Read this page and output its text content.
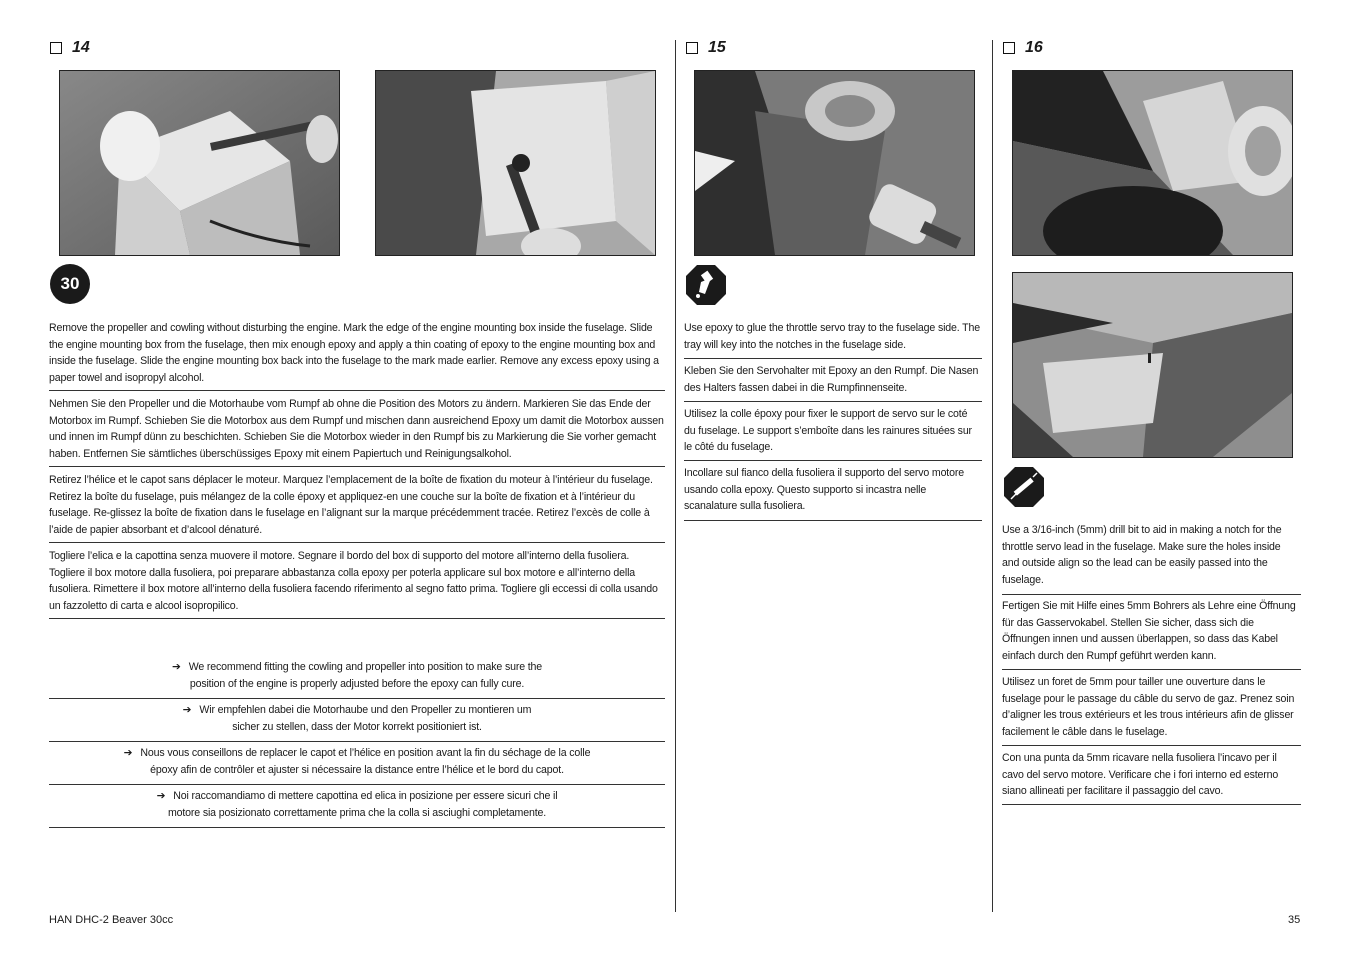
14	15	16
30
Remove the propeller and cowling without disturbing the engine. Mark the edge of the engine mounting box inside the fuselage. Slide the engine mounting box from the fuselage, then mix enough epoxy and apply a thin coating of epoxy to the engine mounting box and inside the fuselage. Slide the engine mounting box back into the fuselage to the mark made earlier. Remove any excess epoxy using a paper towel and isopropyl alcohol.
Nehmen Sie den Propeller und die Motorhaube vom Rumpf ab ohne die Position des Motors zu ändern. Markieren Sie das Ende der Motorbox im Rumpf. Schieben Sie die Motorbox aus dem Rumpf und mischen dann ausreichend Epoxy um damit die Motorbox aussen und innen im Rumpf dünn zu beschichten. Schieben Sie die Motorbox wieder in den Rumpf bis zu Markierung die Sie vorher gemacht haben. Entfernen Sie sämtliches überschüssiges Epoxy mit einem Papiertuch und Reinigungsalkohol.
Retirez l’hélice et le capot sans déplacer le moteur. Marquez l’emplacement de la boîte de fixation du moteur à l’intérieur du fuselage. Retirez la boîte du fuselage, puis mélangez de la colle époxy et appliquez-en une couche sur la boîte de fixation et à l’intérieur du fuselage. Re-glissez la boîte de fixation dans le fuselage en l’alignant sur la marque précédemment tracée. Retirez l’excès de colle à l’aide de papier absorbant et d’alcool dénaturé.
Togliere l’elica e la capottina senza muovere il motore. Segnare il bordo del box di supporto del motore all’interno della fusoliera. Togliere il box motore dalla fusoliera, poi preparare abbastanza colla epoxy per poterla applicare sul box motore e all’interno della fusoliera. Rimettere il box motore all’interno della fusoliera facendo riferimento al segno fatto prima. Togliere gli eccessi di colla usando un fazzoletto di carta e alcool isopropilico.
➔ We recommend fitting the cowling and propeller into position to make sure the
position of the engine is properly adjusted before the epoxy can fully cure.
➔ Wir empfehlen dabei die Motorhaube und den Propeller zu montieren um
sicher zu stellen, dass der Motor korrekt positioniert ist.
➔ Nous vous conseillons de replacer le capot et l’hélice en position avant la fin du séchage de la colle
époxy afin de contrôler et ajuster si nécessaire la distance entre l’hélice et le bord du capot.
➔ Noi raccomandiamo di mettere capottina ed elica in posizione per essere sicuri che il
motore sia posizionato correttamente prima che la colla si asciughi completamente.
Use epoxy to glue the throttle servo tray to the fuselage side. The tray will key into the notches in the fuselage side.
Kleben Sie den Servohalter mit Epoxy an den Rumpf. Die Nasen des Halters fassen dabei in die Rumpfinnenseite.
Utilisez la colle époxy pour fixer le support de servo sur le coté du fuselage. Le support s’emboîte dans les rainures situées sur le côté du fuselage.
Incollare sul fianco della fusoliera il supporto del servo motore usando colla epoxy. Questo supporto si incastra nelle scanalature sulla fusoliera.
Use a 3/16-inch (5mm) drill bit to aid in making a notch for the throttle servo lead in the fuselage. Make sure the holes inside and outside align so the lead can be easily passed into the fuselage.
Fertigen Sie mit Hilfe eines 5mm Bohrers als Lehre eine Öffnung für das Gasservokabel. Stellen Sie sicher, dass sich die Öffnungen innen und aussen überlappen, so dass das Kabel einfach durch den Rumpf geführt werden kann.
Utilisez un foret de 5mm pour tailler une ouverture dans le fuselage pour le passage du câble du servo de gaz. Prenez soin d’aligner les trous extérieurs et les trous intérieurs afin de glisser facilement le câble dans le fuselage.
Con una punta da 5mm ricavare nella fusoliera l’incavo per il cavo del servo motore. Verificare che i fori interno ed esterno siano allineati per facilitare il passaggio del cavo.
HAN DHC-2 Beaver 30cc	35
